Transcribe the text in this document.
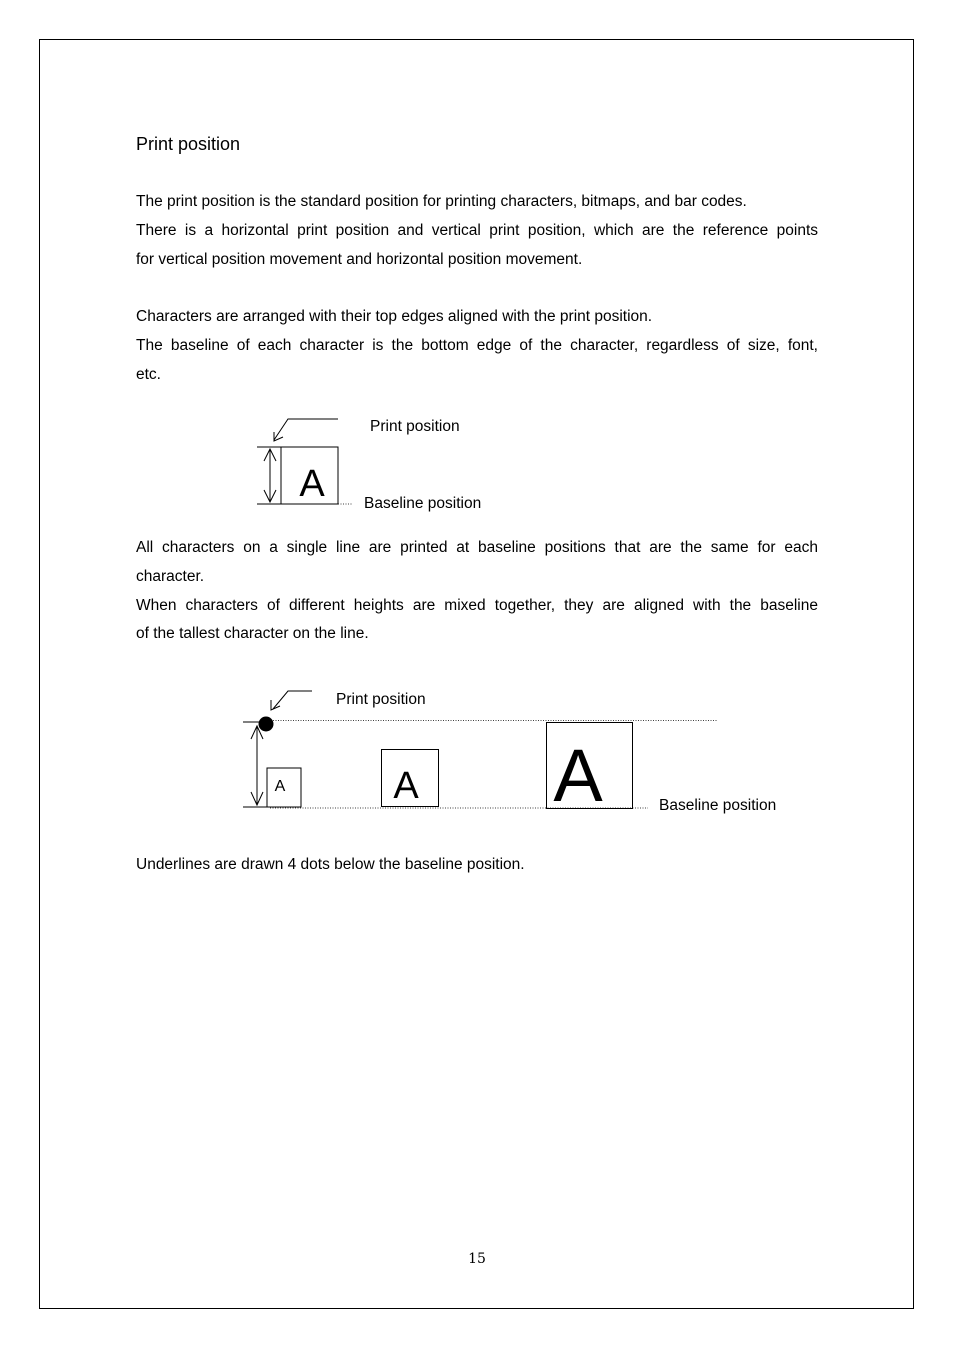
Print position
The print position is the standard position for printing characters, bitmaps, and bar codes.
There is a horizontal print position and vertical print position, which are the reference points
for vertical position movement and horizontal position movement.
Characters are arranged with their top edges aligned with the print position.
The baseline of each character is the bottom edge of the character, regardless of size, font,
etc.
A
Print position
Baseline position
All characters on a single line are printed at baseline positions that are the same for each
character.
When characters of different heights are mixed together, they are aligned with the baseline
of the tallest character on the line.
A	A A
Print position
Baseline position
Underlines are drawn 4 dots below the baseline position.
15
